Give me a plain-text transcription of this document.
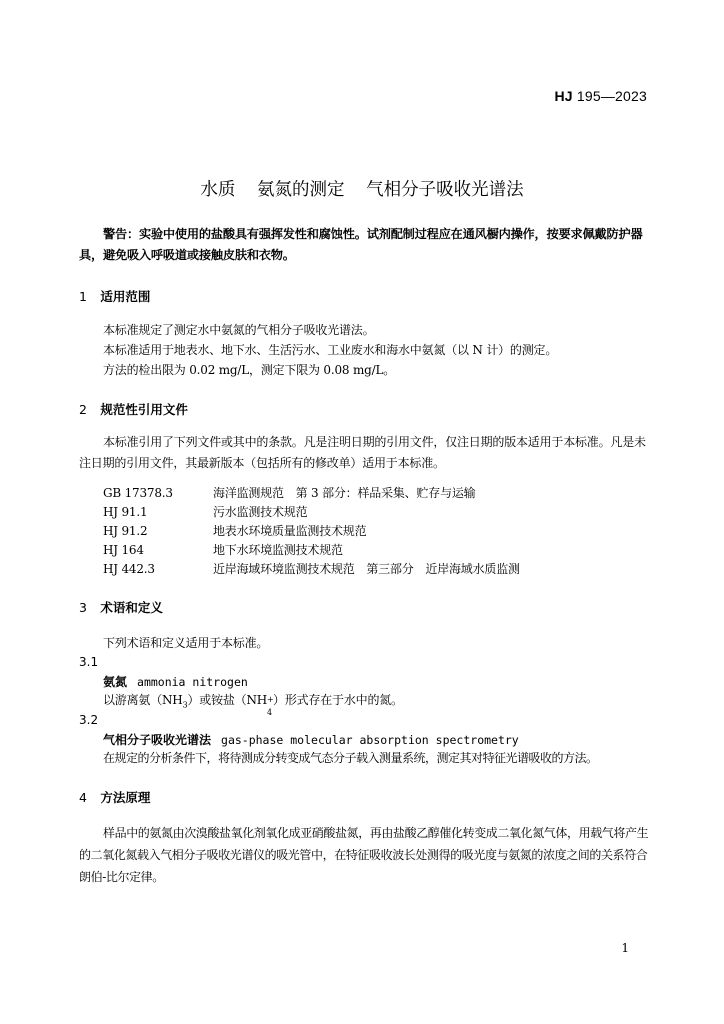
HJ 195—2023
水质 氨氮的测定 气相分子吸收光谱法
警告：实验中使用的盐酸具有强挥发性和腐蚀性。试剂配制过程应在通风橱内操作，按要求佩戴防护器具，避免吸入呼吸道或接触皮肤和衣物。
1 适用范围
本标准规定了测定水中氨氮的气相分子吸收光谱法。
本标准适用于地表水、地下水、生活污水、工业废水和海水中氨氮（以 N 计）的测定。
方法的检出限为 0.02 mg/L，测定下限为 0.08 mg/L。
2 规范性引用文件
本标准引用了下列文件或其中的条款。凡是注明日期的引用文件，仅注日期的版本适用于本标准。凡是未注日期的引用文件，其最新版本（包括所有的修改单）适用于本标准。
GB 17378.3	海洋监测规范　第 3 部分：样品采集、贮存与运输
HJ 91.1	污水监测技术规范
HJ 91.2	地表水环境质量监测技术规范
HJ 164	地下水环境监测技术规范
HJ 442.3	近岸海域环境监测技术规范　第三部分　近岸海域水质监测
3 术语和定义
下列术语和定义适用于本标准。
3.1
氨氮 ammonia nitrogen
以游离氨$(NH_3)$或铵盐（NH +
4
）形式存在于水中的氮。
3.2
气相分子吸收光谱法 gas-phase molecular absorption spectrometry
在规定的分析条件下，将待测成分转变成气态分子载入测量系统，测定其对特征光谱吸收的方法。
4 方法原理
样品中的氨氮由次溴酸盐氧化剂氧化成亚硝酸盐氮，再由盐酸乙醇催化转变成二氧化氮气体，用载气将产生的二氧化氮载入气相分子吸收光谱仪的吸光管中，在特征吸收波长处测得的吸光度与氨氮的浓度之间的关系符合朗伯-比尔定律。
1
